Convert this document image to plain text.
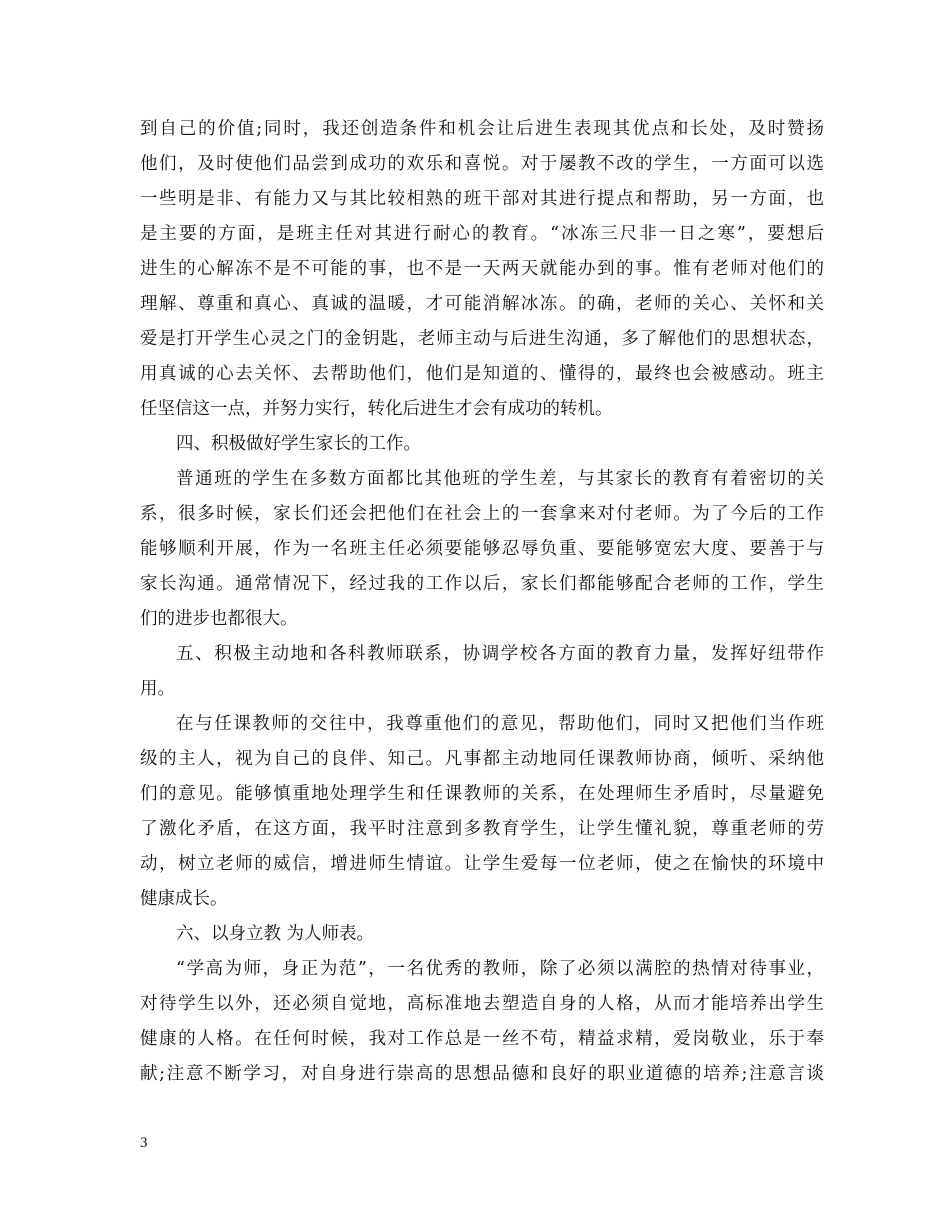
到自己的价值;同时，我还创造条件和机会让后进生表现其优点和长处，及时赞扬
他们，及时使他们品尝到成功的欢乐和喜悦。对于屡教不改的学生，一方面可以选
一些明是非、有能力又与其比较相熟的班干部对其进行提点和帮助，另一方面，也
是主要的方面，是班主任对其进行耐心的教育。“冰冻三尺非一日之寒”，要想后
进生的心解冻不是不可能的事，也不是一天两天就能办到的事。惟有老师对他们的
理解、尊重和真心、真诚的温暖，才可能消解冰冻。的确，老师的关心、关怀和关
爱是打开学生心灵之门的金钥匙，老师主动与后进生沟通，多了解他们的思想状态，
用真诚的心去关怀、去帮助他们，他们是知道的、懂得的，最终也会被感动。班主
任坚信这一点，并努力实行，转化后进生才会有成功的转机。
四、积极做好学生家长的工作。
普通班的学生在多数方面都比其他班的学生差，与其家长的教育有着密切的关
系，很多时候，家长们还会把他们在社会上的一套拿来对付老师。为了今后的工作
能够顺利开展，作为一名班主任必须要能够忍辱负重、要能够宽宏大度、要善于与
家长沟通。通常情况下，经过我的工作以后，家长们都能够配合老师的工作，学生
们的进步也都很大。
五、积极主动地和各科教师联系，协调学校各方面的教育力量，发挥好纽带作
用。
在与任课教师的交往中，我尊重他们的意见，帮助他们，同时又把他们当作班
级的主人，视为自己的良伴、知己。凡事都主动地同任课教师协商，倾听、采纳他
们的意见。能够慎重地处理学生和任课教师的关系，在处理师生矛盾时，尽量避免
了激化矛盾，在这方面，我平时注意到多教育学生，让学生懂礼貌，尊重老师的劳
动，树立老师的威信，增进师生情谊。让学生爱每一位老师，使之在愉快的环境中
健康成长。
六、以身立教 为人师表。
“学高为师，身正为范”，一名优秀的教师，除了必须以满腔的热情对待事业，
对待学生以外，还必须自觉地，高标准地去塑造自身的人格，从而才能培养出学生
健康的人格。在任何时候，我对工作总是一丝不苟，精益求精，爱岗敬业，乐于奉
献;注意不断学习，对自身进行崇高的思想品德和良好的职业道德的培养;注意言谈
3
